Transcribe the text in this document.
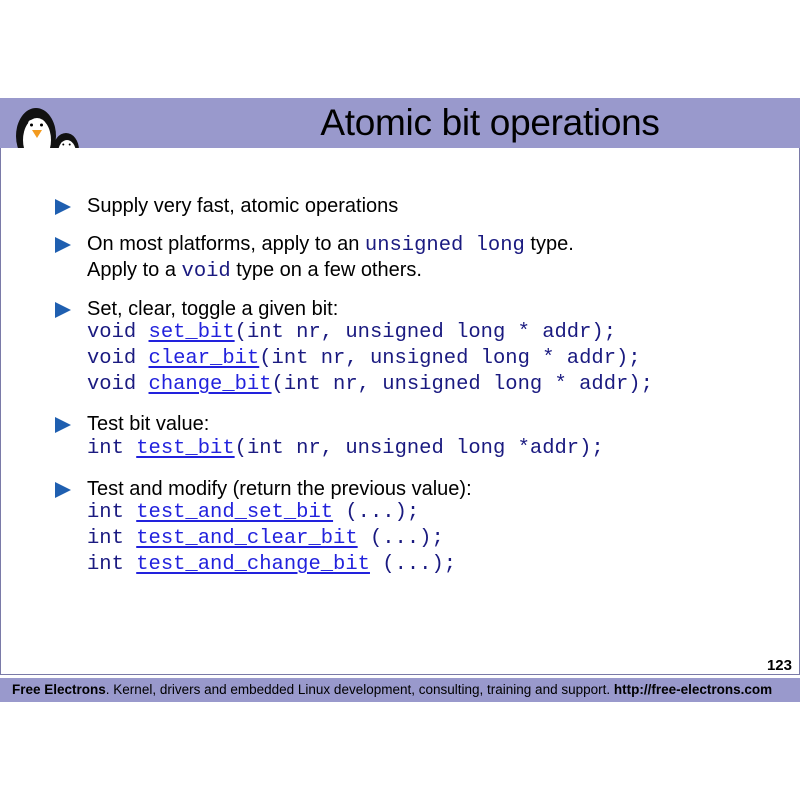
Atomic bit operations
Supply very fast, atomic operations
On most platforms, apply to an unsigned long type.
Apply to a void type on a few others.
Set, clear, toggle a given bit:
void set_bit(int nr, unsigned long * addr);
void clear_bit(int nr, unsigned long * addr);
void change_bit(int nr, unsigned long * addr);
Test bit value:
int test_bit(int nr, unsigned long *addr);
Test and modify (return the previous value):
int test_and_set_bit (...);
int test_and_clear_bit (...);
int test_and_change_bit (...);
123
Free Electrons. Kernel, drivers and embedded Linux development, consulting, training and support. http://free-electrons.com
